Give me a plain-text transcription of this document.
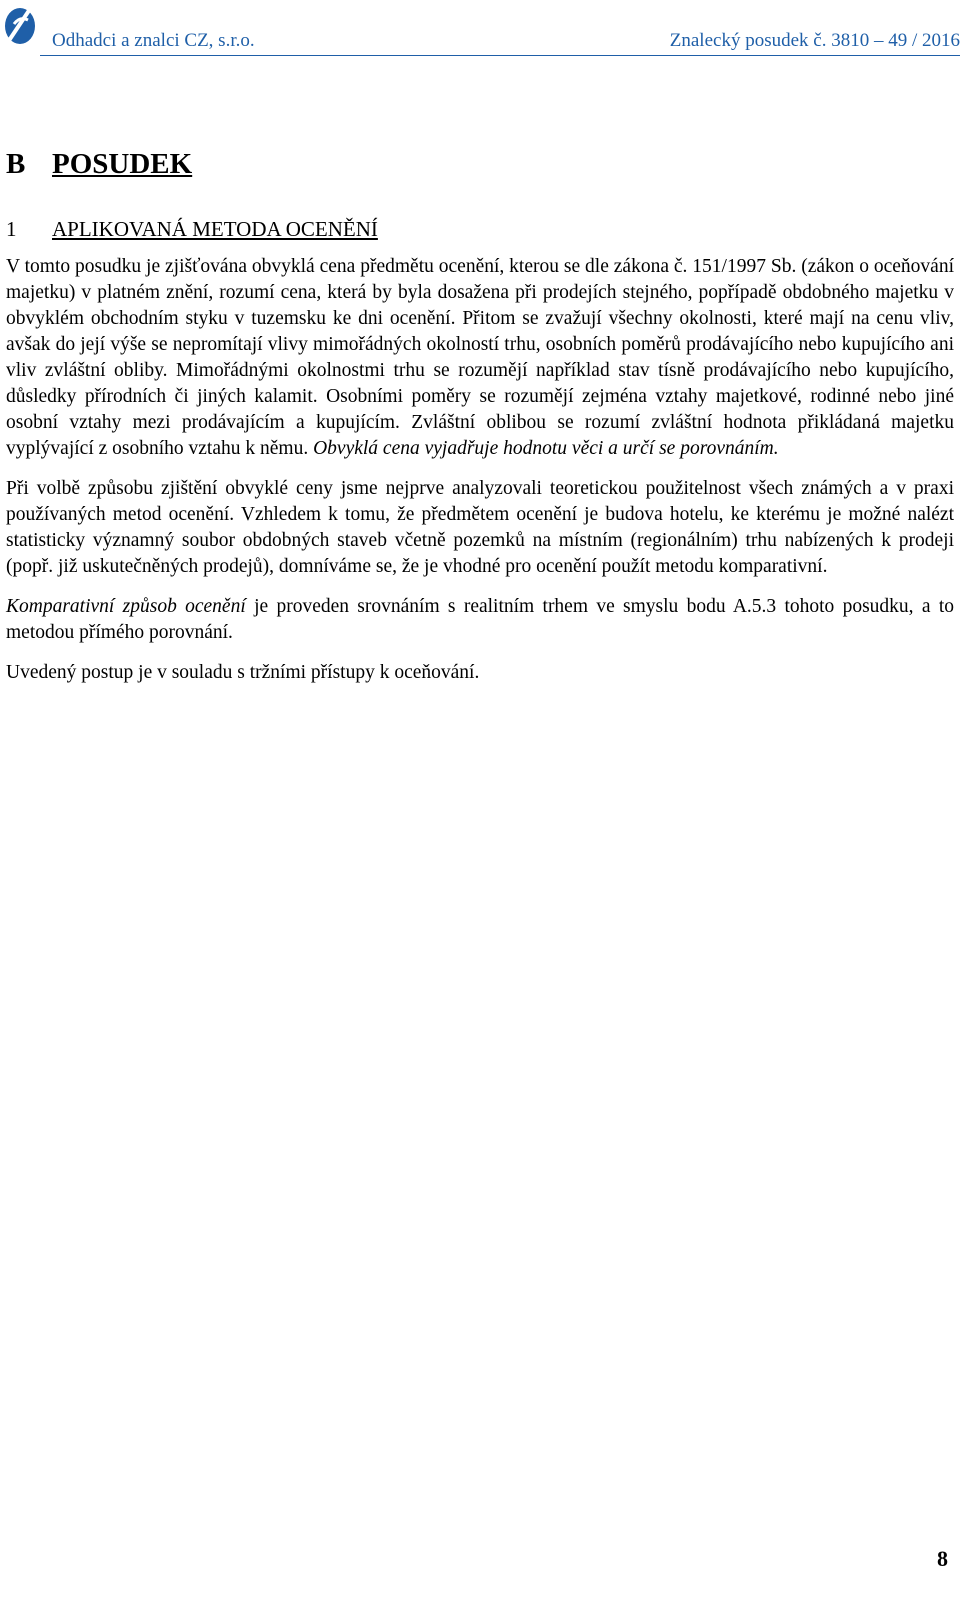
Odhadci a znalci CZ, s.r.o.	Znalecký posudek č. 3810 – 49 / 2016
B POSUDEK
1 APLIKOVANÁ METODA OCENĚNÍ

V tomto posudku je zjišťována obvyklá cena předmětu ocenění, kterou se dle zákona č. 151/1997 Sb. (zákon o oceňování majetku) v platném znění, rozumí cena, která by byla dosažena při prodejích stejného, popřípadě obdobného majetku v obvyklém obchodním styku v tuzemsku ke dni ocenění. Přitom se zvažují všechny okolnosti, které mají na cenu vliv, avšak do její výše se nepromítají vlivy mimořádných okolností trhu, osobních poměrů prodávajícího nebo kupujícího ani vliv zvláštní obliby. Mimořádnými okolnostmi trhu se rozumějí například stav tísně prodávajícího nebo kupujícího, důsledky přírodních či jiných kalamit. Osobními poměry se rozumějí zejména vztahy majetkové, rodinné nebo jiné osobní vztahy mezi prodávajícím a kupujícím. Zvláštní oblibou se rozumí zvláštní hodnota přikládaná majetku vyplývající z osobního vztahu k němu. Obvyklá cena vyjadřuje hodnotu věci a určí se porovnáním.

Při volbě způsobu zjištění obvyklé ceny jsme nejprve analyzovali teoretickou použitelnost všech známých a v praxi používaných metod ocenění. Vzhledem k tomu, že předmětem ocenění je budova hotelu, ke kterému je možné nalézt statisticky významný soubor obdobných staveb včetně pozemků na místním (regionálním) trhu nabízených k prodeji (popř. již uskutečněných prodejů), domníváme se, že je vhodné pro ocenění použít metodu komparativní.

Komparativní způsob ocenění je proveden srovnáním s realitním trhem ve smyslu bodu A.5.3 tohoto posudku, a to metodou přímého porovnání.

Uvedený postup je v souladu s tržními přístupy k oceňování.

8
